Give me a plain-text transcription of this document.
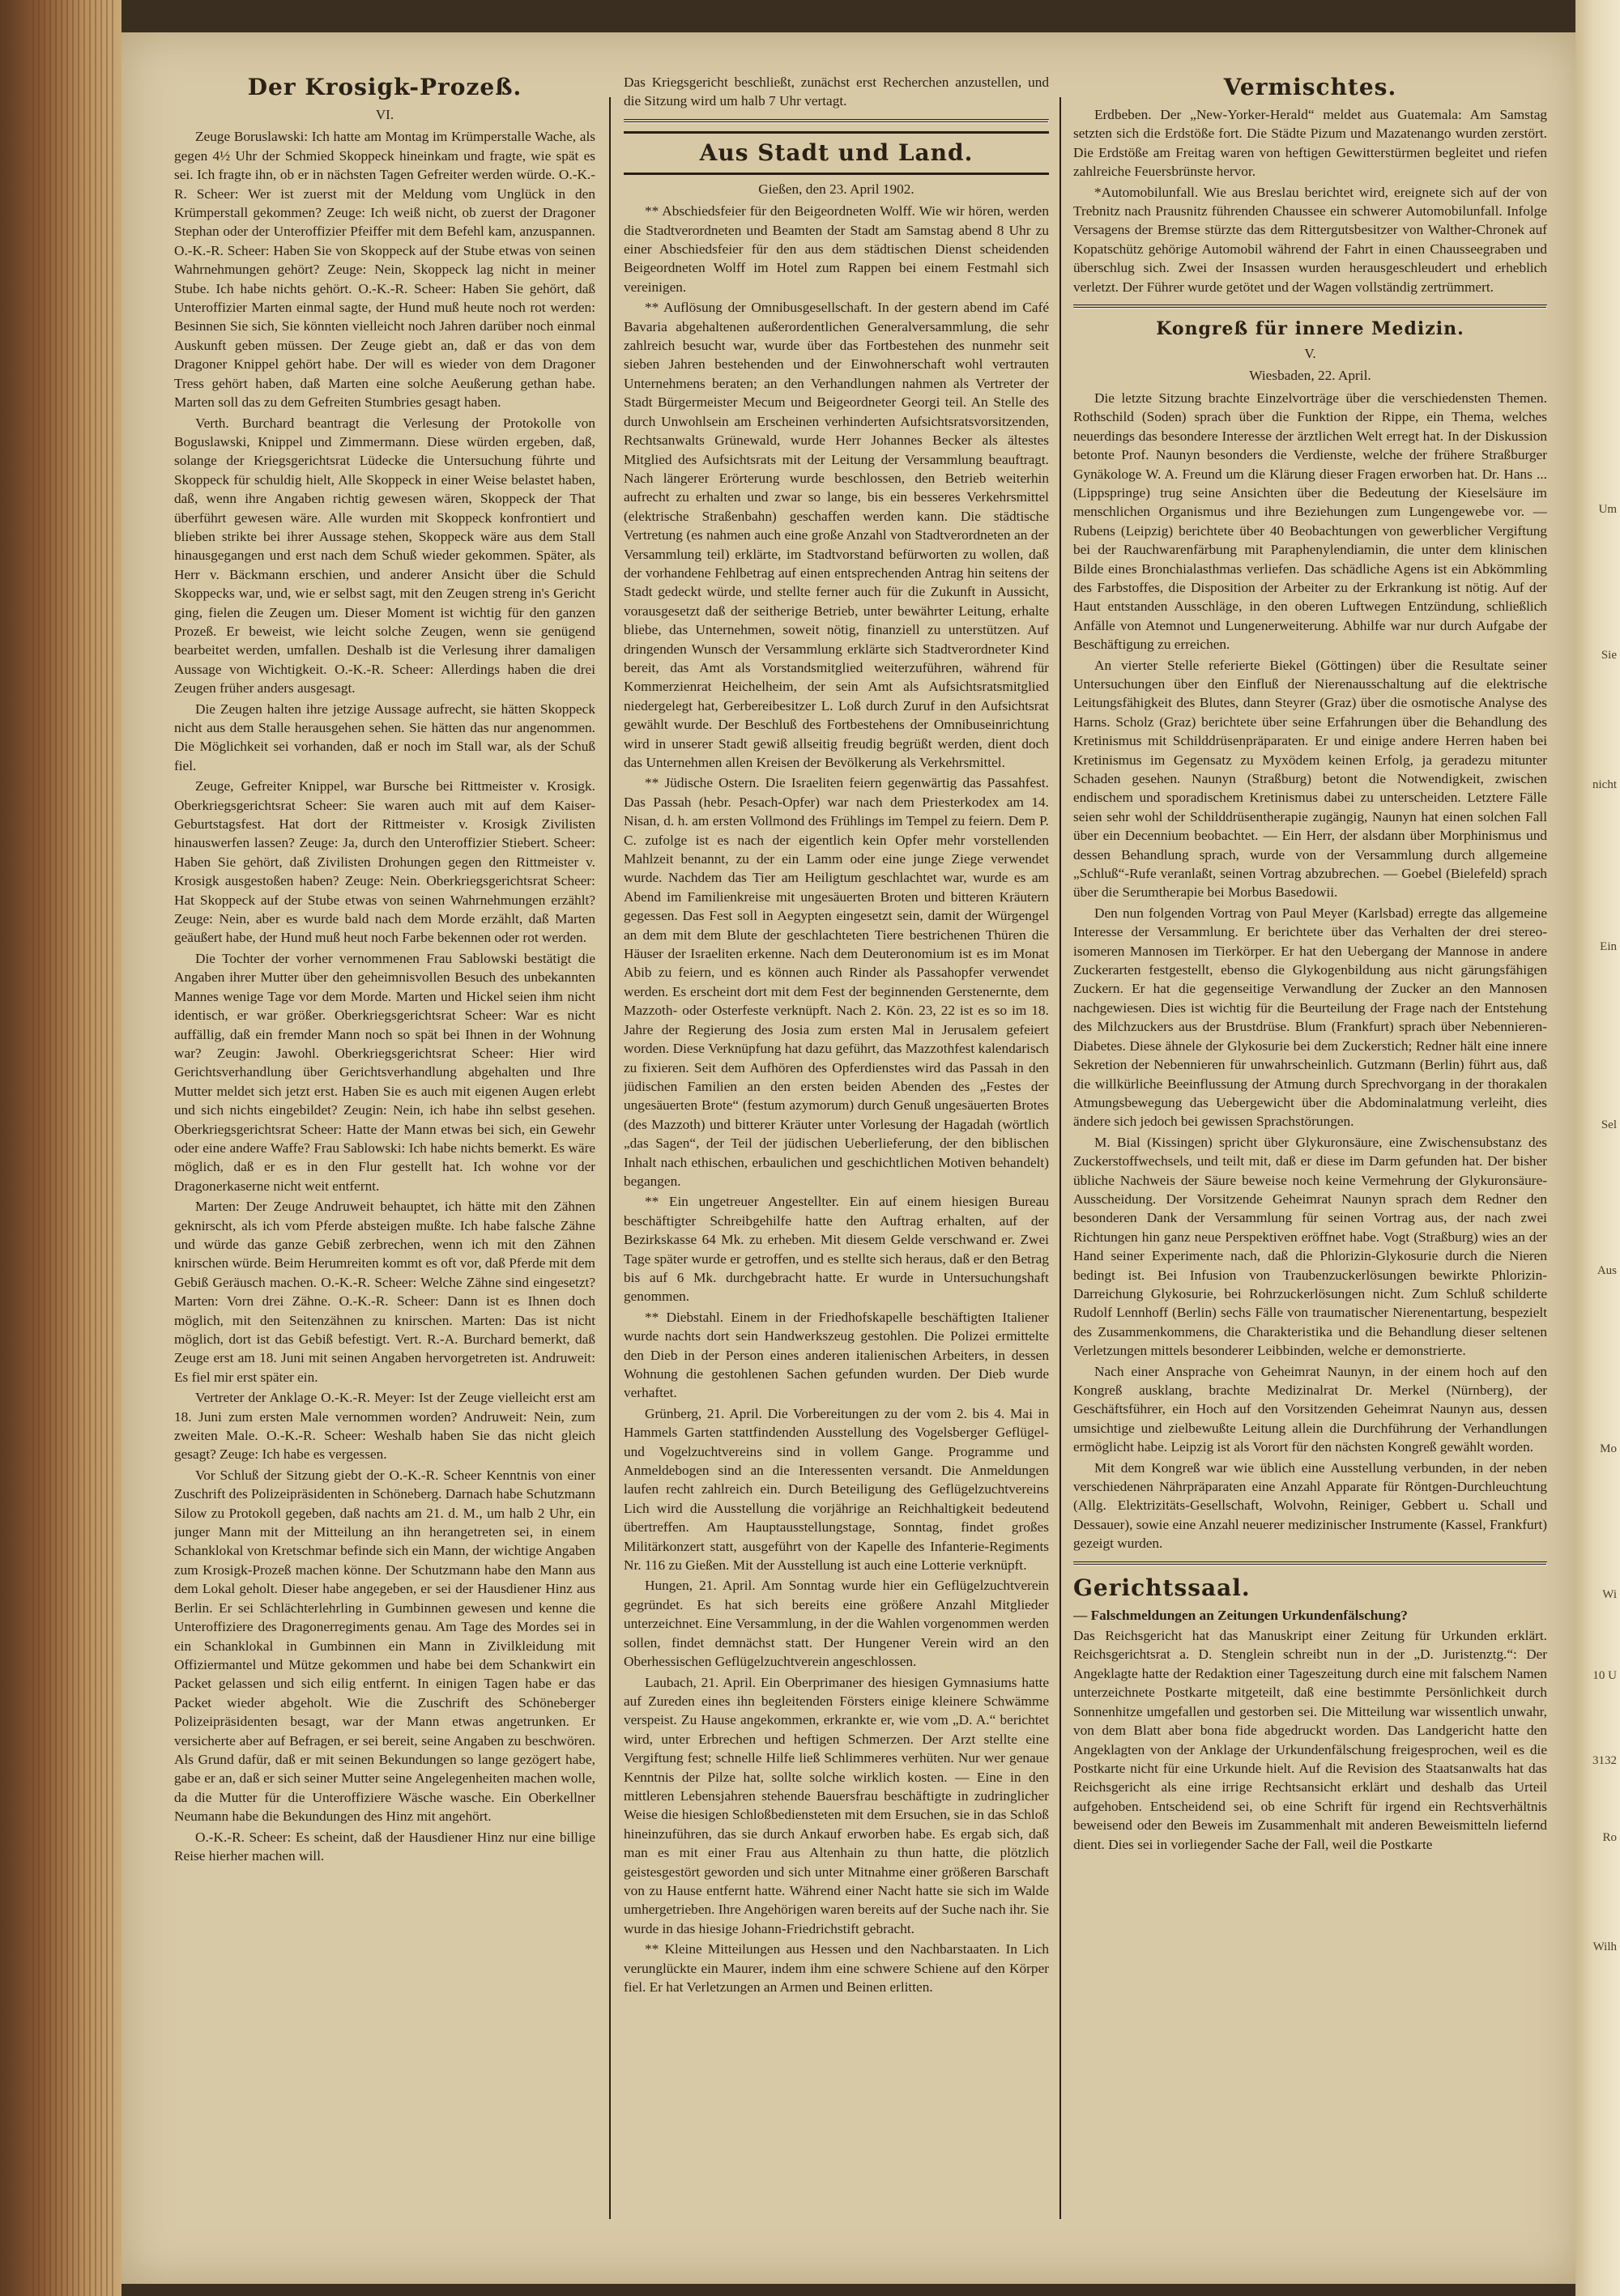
Um
Sie
nicht
Ein
Sel
Aus
Mo
Wi
10 U
3132
Ro
Wilh
Der Krosigk-Prozeß.
VI.

Zeuge Boruslawski: Ich hatte am Montag im Krümperstalle Wache, als gegen 4½ Uhr der Schmied Skoppeck hineinkam und fragte, wie spät es sei. Ich fragte ihn, ob er in nächsten Tagen Gefreiter werden würde. O.-K.-R. Scheer: Wer ist zuerst mit der Meldung vom Unglück in den Krümperstall gekommen? Zeuge: Ich weiß nicht, ob zuerst der Dragoner Stephan oder der Unteroffizier Pfeiffer mit dem Befehl kam, anzuspannen. O.-K.-R. Scheer: Haben Sie von Skoppeck auf der Stube etwas von seinen Wahrnehmungen gehört? Zeuge: Nein, Skoppeck lag nicht in meiner Stube. Ich habe nichts gehört. O.-K.-R. Scheer: Haben Sie gehört, daß Unteroffizier Marten einmal sagte, der Hund muß heute noch rot werden: Besinnen Sie sich, Sie könnten vielleicht noch Jahren darüber noch einmal Auskunft geben müssen. Der Zeuge giebt an, daß er das von dem Dragoner Knippel gehört habe. Der will es wieder von dem Dragoner Tress gehört haben, daß Marten eine solche Aeußerung gethan habe. Marten soll das zu dem Gefreiten Stumbries gesagt haben.

Verth. Burchard beantragt die Verlesung der Protokolle von Boguslawski, Knippel und Zimmermann. Diese würden ergeben, daß, solange der Kriegsgerichtsrat Lüdecke die Untersuchung führte und Skoppeck für schuldig hielt, Alle Skoppeck in einer Weise belastet haben, daß, wenn ihre Angaben richtig gewesen wären, Skoppeck der That überführt gewesen wäre. Alle wurden mit Skoppeck konfrontiert und blieben strikte bei ihrer Aussage stehen, Skoppeck wäre aus dem Stall hinausgegangen und erst nach dem Schuß wieder gekommen. Später, als Herr v. Bäckmann erschien, und anderer Ansicht über die Schuld Skoppecks war, und, wie er selbst sagt, mit den Zeugen streng in's Gericht ging, fielen die Zeugen um. Dieser Moment ist wichtig für den ganzen Prozeß. Er beweist, wie leicht solche Zeugen, wenn sie genügend bearbeitet werden, umfallen. Deshalb ist die Verlesung ihrer damaligen Aussage von Wichtigkeit. O.-K.-R. Scheer: Allerdings haben die drei Zeugen früher anders ausgesagt.

Die Zeugen halten ihre jetzige Aussage aufrecht, sie hätten Skoppeck nicht aus dem Stalle herausgehen sehen. Sie hätten das nur angenommen. Die Möglichkeit sei vorhanden, daß er noch im Stall war, als der Schuß fiel.

Zeuge, Gefreiter Knippel, war Bursche bei Rittmeister v. Krosigk. Oberkriegsgerichtsrat Scheer: Sie waren auch mit auf dem Kaiser-Geburtstagsfest. Hat dort der Rittmeister v. Krosigk Zivilisten hinauswerfen lassen? Zeuge: Ja, durch den Unteroffizier Stiebert. Scheer: Haben Sie gehört, daß Zivilisten Drohungen gegen den Rittmeister v. Krosigk ausgestoßen haben? Zeuge: Nein. Oberkriegsgerichtsrat Scheer: Hat Skoppeck auf der Stube etwas von seinen Wahrnehmungen erzählt? Zeuge: Nein, aber es wurde bald nach dem Morde erzählt, daß Marten geäußert habe, der Hund muß heut noch Farbe bekennen oder rot werden.

Die Tochter der vorher vernommenen Frau Sablowski bestätigt die Angaben ihrer Mutter über den geheimnisvollen Besuch des unbekannten Mannes wenige Tage vor dem Morde. Marten und Hickel seien ihm nicht identisch, er war größer. Oberkriegsgerichtsrat Scheer: War es nicht auffällig, daß ein fremder Mann noch so spät bei Ihnen in der Wohnung war? Zeugin: Jawohl. Oberkriegsgerichtsrat Scheer: Hier wird Gerichtsverhandlung über Gerichtsverhandlung abgehalten und Ihre Mutter meldet sich jetzt erst. Haben Sie es auch mit eigenen Augen erlebt und sich nichts eingebildet? Zeugin: Nein, ich habe ihn selbst gesehen. Oberkriegsgerichtsrat Scheer: Hatte der Mann etwas bei sich, ein Gewehr oder eine andere Waffe? Frau Sablowski: Ich habe nichts bemerkt. Es wäre möglich, daß er es in den Flur gestellt hat. Ich wohne vor der Dragonerkaserne nicht weit entfernt.

Marten: Der Zeuge Andruweit behauptet, ich hätte mit den Zähnen geknirscht, als ich vom Pferde absteigen mußte. Ich habe falsche Zähne und würde das ganze Gebiß zerbrechen, wenn ich mit den Zähnen knirschen würde. Beim Herumreiten kommt es oft vor, daß Pferde mit dem Gebiß Geräusch machen. O.-K.-R. Scheer: Welche Zähne sind eingesetzt? Marten: Vorn drei Zähne. O.-K.-R. Scheer: Dann ist es Ihnen doch möglich, mit den Seitenzähnen zu knirschen. Marten: Das ist nicht möglich, dort ist das Gebiß befestigt. Vert. R.-A. Burchard bemerkt, daß Zeuge erst am 18. Juni mit seinen Angaben hervorgetreten ist. Andruweit: Es fiel mir erst später ein.

Vertreter der Anklage O.-K.-R. Meyer: Ist der Zeuge vielleicht erst am 18. Juni zum ersten Male vernommen worden? Andruweit: Nein, zum zweiten Male. O.-K.-R. Scheer: Weshalb haben Sie das nicht gleich gesagt? Zeuge: Ich habe es vergessen.

Vor Schluß der Sitzung giebt der O.-K.-R. Scheer Kenntnis von einer Zuschrift des Polizeipräsidenten in Schöneberg. Darnach habe Schutzmann Silow zu Protokoll gegeben, daß nachts am 21. d. M., um halb 2 Uhr, ein junger Mann mit der Mitteilung an ihn herangetreten sei, in einem Schanklokal von Kretschmar befinde sich ein Mann, der wichtige Angaben zum Krosigk-Prozeß machen könne. Der Schutzmann habe den Mann aus dem Lokal geholt. Dieser habe angegeben, er sei der Hausdiener Hinz aus Berlin. Er sei Schlächterlehrling in Gumbinnen gewesen und kenne die Unteroffiziere des Dragonerregiments genau. Am Tage des Mordes sei in ein Schanklokal in Gumbinnen ein Mann in Zivilkleidung mit Offiziermantel und Mütze gekommen und habe bei dem Schankwirt ein Packet gelassen und sich eilig entfernt. In einigen Tagen habe er das Packet wieder abgeholt. Wie die Zuschrift des Schöneberger Polizeipräsidenten besagt, war der Mann etwas angetrunken. Er versicherte aber auf Befragen, er sei bereit, seine Angaben zu beschwören. Als Grund dafür, daß er mit seinen Bekundungen so lange gezögert habe, gabe er an, daß er sich seiner Mutter seine Angelegenheiten machen wolle, da die Mutter für die Unteroffiziere Wäsche wasche. Ein Oberkellner Neumann habe die Bekundungen des Hinz mit angehört.

O.-K.-R. Scheer: Es scheint, daß der Hausdiener Hinz nur eine billige Reise hierher machen will.

Das Kriegsgericht beschließt, zunächst erst Recherchen anzustellen, und die Sitzung wird um halb 7 Uhr vertagt.

Aus Stadt und Land.
Gießen, den 23. April 1902.

** Abschiedsfeier für den Beigeordneten Wolff. Wie wir hören, werden die Stadtverordneten und Beamten der Stadt am Samstag abend 8 Uhr zu einer Abschiedsfeier für den aus dem städtischen Dienst scheidenden Beigeordneten Wolff im Hotel zum Rappen bei einem Festmahl sich vereinigen.

** Auflösung der Omnibusgesellschaft. In der gestern abend im Café Bavaria abgehaltenen außerordentlichen Generalversammlung, die sehr zahlreich besucht war, wurde über das Fortbestehen des nunmehr seit sieben Jahren bestehenden und der Einwohnerschaft wohl vertrauten Unternehmens beraten; an den Verhandlungen nahmen als Vertreter der Stadt Bürgermeister Mecum und Beigeordneter Georgi teil. An Stelle des durch Unwohlsein am Erscheinen verhinderten Aufsichtsratsvorsitzenden, Rechtsanwalts Grünewald, wurde Herr Johannes Becker als ältestes Mitglied des Aufsichtsrats mit der Leitung der Versammlung beauftragt. Nach längerer Erörterung wurde beschlossen, den Betrieb weiterhin aufrecht zu erhalten und zwar so lange, bis ein besseres Verkehrsmittel (elektrische Straßenbahn) geschaffen werden kann. Die städtische Vertretung (es nahmen auch eine große Anzahl von Stadtverordneten an der Versammlung teil) erklärte, im Stadtvorstand befürworten zu wollen, daß der vorhandene Fehlbetrag auf einen entsprechenden Antrag hin seitens der Stadt gedeckt würde, und stellte ferner auch für die Zukunft in Aussicht, vorausgesetzt daß der seitherige Betrieb, unter bewährter Leitung, erhalte bliebe, das Unternehmen, soweit nötig, finanziell zu unterstützen. Auf dringenden Wunsch der Versammlung erklärte sich Stadtverordneter Kind bereit, das Amt als Vorstandsmitglied weiterzuführen, während für Kommerzienrat Heichelheim, der sein Amt als Aufsichtsratsmitglied niedergelegt hat, Gerbereibesitzer L. Loß durch Zuruf in den Aufsichtsrat gewählt wurde. Der Beschluß des Fortbestehens der Omnibuseinrichtung wird in unserer Stadt gewiß allseitig freudig begrüßt werden, dient doch das Unternehmen allen Kreisen der Bevölkerung als Verkehrsmittel.

** Jüdische Ostern. Die Israeliten feiern gegenwärtig das Passahfest. Das Passah (hebr. Pesach-Opfer) war nach dem Priesterkodex am 14. Nisan, d. h. am ersten Vollmond des Frühlings im Tempel zu feiern. Dem P. C. zufolge ist es nach der eigentlich kein Opfer mehr vorstellenden Mahlzeit benannt, zu der ein Lamm oder eine junge Ziege verwendet wurde. Nachdem das Tier am Heiligtum geschlachtet war, wurde es am Abend im Familienkreise mit ungesäuerten Broten und bitteren Kräutern gegessen. Das Fest soll in Aegypten eingesetzt sein, damit der Würgengel an dem mit dem Blute der geschlachteten Tiere bestrichenen Thüren die Häuser der Israeliten erkenne. Nach dem Deuteronomium ist es im Monat Abib zu feiern, und es können auch Rinder als Passahopfer verwendet werden. Es erscheint dort mit dem Fest der beginnenden Gerstenernte, dem Mazzoth- oder Osterfeste verknüpft. Nach 2. Kön. 23, 22 ist es so im 18. Jahre der Regierung des Josia zum ersten Mal in Jerusalem gefeiert worden. Diese Verknüpfung hat dazu geführt, das Mazzothfest kalendarisch zu fixieren. Seit dem Aufhören des Opferdienstes wird das Passah in den jüdischen Familien an den ersten beiden Abenden des „Festes der ungesäuerten Brote“ (festum azymorum) durch Genuß ungesäuerten Brotes (des Mazzoth) und bitterer Kräuter unter Vorlesung der Hagadah (wörtlich „das Sagen“, der Teil der jüdischen Ueberlieferung, der den biblischen Inhalt nach ethischen, erbaulichen und geschichtlichen Motiven behandelt) begangen.

** Ein ungetreuer Angestellter. Ein auf einem hiesigen Bureau beschäftigter Schreibgehilfe hatte den Auftrag erhalten, auf der Bezirkskasse 64 Mk. zu erheben. Mit diesem Gelde verschwand er. Zwei Tage später wurde er getroffen, und es stellte sich heraus, daß er den Betrag bis auf 6 Mk. durchgebracht hatte. Er wurde in Untersuchungshaft genommen.

** Diebstahl. Einem in der Friedhofskapelle beschäftigten Italiener wurde nachts dort sein Handwerkszeug gestohlen. Die Polizei ermittelte den Dieb in der Person eines anderen italienischen Arbeiters, in dessen Wohnung die gestohlenen Sachen gefunden wurden. Der Dieb wurde verhaftet.

Grünberg, 21. April. Die Vorbereitungen zu der vom 2. bis 4. Mai in Hammels Garten stattfindenden Ausstellung des Vogelsberger Geflügel- und Vogelzuchtvereins sind in vollem Gange. Programme und Anmeldebogen sind an die Interessenten versandt. Die Anmeldungen laufen recht zahlreich ein. Durch Beteiligung des Geflügelzuchtvereins Lich wird die Ausstellung die vorjährige an Reichhaltigkeit bedeutend übertreffen. Am Hauptausstellungstage, Sonntag, findet großes Militärkonzert statt, ausgeführt von der Kapelle des Infanterie-Regiments Nr. 116 zu Gießen. Mit der Ausstellung ist auch eine Lotterie verknüpft.

Hungen, 21. April. Am Sonntag wurde hier ein Geflügelzuchtverein gegründet. Es hat sich bereits eine größere Anzahl Mitglieder unterzeichnet. Eine Versammlung, in der die Wahlen vorgenommen werden sollen, findet demnächst statt. Der Hungener Verein wird an den Oberhessischen Geflügelzuchtverein angeschlossen.

Laubach, 21. April. Ein Oberprimaner des hiesigen Gymnasiums hatte auf Zureden eines ihn begleitenden Försters einige kleinere Schwämme verspeist. Zu Hause angekommen, erkrankte er, wie vom „D. A.“ berichtet wird, unter Erbrechen und heftigen Schmerzen. Der Arzt stellte eine Vergiftung fest; schnelle Hilfe ließ Schlimmeres verhüten. Nur wer genaue Kenntnis der Pilze hat, sollte solche wirklich kosten. — Eine in den mittleren Lebensjahren stehende Bauersfrau beschäftigte in zudringlicher Weise die hiesigen Schloßbediensteten mit dem Ersuchen, sie in das Schloß hineinzuführen, das sie durch Ankauf erworben habe. Es ergab sich, daß man es mit einer Frau aus Altenhain zu thun hatte, die plötzlich geistesgestört geworden und sich unter Mitnahme einer größeren Barschaft von zu Hause entfernt hatte. Während einer Nacht hatte sie sich im Walde umhergetrieben. Ihre Angehörigen waren bereits auf der Suche nach ihr. Sie wurde in das hiesige Johann-Friedrichstift gebracht.

** Kleine Mitteilungen aus Hessen und den Nachbarstaaten. In Lich verunglückte ein Maurer, indem ihm eine schwere Schiene auf den Körper fiel. Er hat Verletzungen an Armen und Beinen erlitten.

Vermischtes.

Erdbeben. Der „New-Yorker-Herald“ meldet aus Guatemala: Am Samstag setzten sich die Erdstöße fort. Die Städte Pizum und Mazatenango wurden zerstört. Die Erdstöße am Freitag waren von heftigen Gewitterstürmen begleitet und riefen zahlreiche Feuersbrünste hervor.

*Automobilunfall. Wie aus Breslau berichtet wird, ereignete sich auf der von Trebnitz nach Prausnitz führenden Chaussee ein schwerer Automobilunfall. Infolge Versagens der Bremse stürzte das dem Rittergutsbesitzer von Walther-Chronek auf Kopatschütz gehörige Automobil während der Fahrt in einen Chausseegraben und überschlug sich. Zwei der Insassen wurden herausgeschleudert und erheblich verletzt. Der Führer wurde getötet und der Wagen vollständig zertrümmert.

Kongreß für innere Medizin.
V.
Wiesbaden, 22. April.

Die letzte Sitzung brachte Einzelvorträge über die verschiedensten Themen. Rothschild (Soden) sprach über die Funktion der Rippe, ein Thema, welches neuerdings das besondere Interesse der ärztlichen Welt erregt hat. In der Diskussion betonte Prof. Naunyn besonders die Verdienste, welche der frühere Straßburger Gynäkologe W. A. Freund um die Klärung dieser Fragen erworben hat. Dr. Hans ... (Lippspringe) trug seine Ansichten über die Bedeutung der Kieselsäure im menschlichen Organismus und ihre Beziehungen zum Lungengewebe vor. — Rubens (Leipzig) berichtete über 40 Beobachtungen von gewerblicher Vergiftung bei der Rauchwarenfärbung mit Paraphenylendiamin, die unter dem klinischen Bilde eines Bronchialasthmas verliefen. Das schädliche Agens ist ein Abkömmling des Farbstoffes, die Disposition der Arbeiter zu der Erkrankung ist nötig. Auf der Haut entstanden Ausschläge, in den oberen Luftwegen Entzündung, schließlich Anfälle von Atemnot und Lungenerweiterung. Abhilfe war nur durch Aufgabe der Beschäftigung zu erreichen.

An vierter Stelle referierte Biekel (Göttingen) über die Resultate seiner Untersuchungen über den Einfluß der Nierenausschaltung auf die elektrische Leitungsfähigkeit des Blutes, dann Steyrer (Graz) über die osmotische Analyse des Harns. Scholz (Graz) berichtete über seine Erfahrungen über die Behandlung des Kretinismus mit Schilddrüsenpräparaten. Er und einige andere Herren haben bei Kretinismus im Gegensatz zu Myxödem keinen Erfolg, ja geradezu mitunter Schaden gesehen. Naunyn (Straßburg) betont die Notwendigkeit, zwischen endischem und sporadischem Kretinismus dabei zu unterscheiden. Letztere Fälle seien sehr wohl der Schilddrüsentherapie zugängig, Naunyn hat einen solchen Fall über ein Decennium beobachtet. — Ein Herr, der alsdann über Morphinismus und dessen Behandlung sprach, wurde von der Versammlung durch allgemeine „Schluß“-Rufe veranlaßt, seinen Vortrag abzubrechen. — Goebel (Bielefeld) sprach über die Serumtherapie bei Morbus Basedowii.

Den nun folgenden Vortrag von Paul Meyer (Karlsbad) erregte das allgemeine Interesse der Versammlung. Er berichtete über das Verhalten der drei stereo-isomeren Mannosen im Tierkörper. Er hat den Uebergang der Mannose in andere Zuckerarten festgestellt, ebenso die Glykogenbildung aus nicht gärungsfähigen Zuckern. Er hat die gegenseitige Verwandlung der Zucker an den Mannosen nachgewiesen. Dies ist wichtig für die Beurteilung der Frage nach der Entstehung des Milchzuckers aus der Brustdrüse. Blum (Frankfurt) sprach über Nebennieren-Diabetes. Diese ähnele der Glykosurie bei dem Zuckerstich; Redner hält eine innere Sekretion der Nebennieren für unwahrscheinlich. Gutzmann (Berlin) führt aus, daß die willkürliche Beeinflussung der Atmung durch Sprechvorgang in der thorakalen Atmungsbewegung das Uebergewicht über die Abdominalatmung verleiht, dies ändere sich jedoch bei gewissen Sprachstörungen.

M. Bial (Kissingen) spricht über Glykuronsäure, eine Zwischensubstanz des Zuckerstoffwechsels, und teilt mit, daß er diese im Darm gefunden hat. Der bisher übliche Nachweis der Säure beweise noch keine Vermehrung der Glykuronsäure-Ausscheidung. Der Vorsitzende Geheimrat Naunyn sprach dem Redner den besonderen Dank der Versammlung für seinen Vortrag aus, der nach zwei Richtungen hin ganz neue Perspektiven eröffnet habe. Vogt (Straßburg) wies an der Hand seiner Experimente nach, daß die Phlorizin-Glykosurie durch die Nieren bedingt ist. Bei Infusion von Traubenzuckerlösungen bewirkte Phlorizin-Darreichung Glykosurie, bei Rohrzuckerlösungen nicht. Zum Schluß schilderte Rudolf Lennhoff (Berlin) sechs Fälle von traumatischer Nierenentartung, bespezielt des Zusammenkommens, die Charakteristika und die Behandlung dieser seltenen Verletzungen mittels besonderer Leibbinden, welche er demonstrierte.

Nach einer Ansprache von Geheimrat Naunyn, in der einem hoch auf den Kongreß ausklang, brachte Medizinalrat Dr. Merkel (Nürnberg), der Geschäftsführer, ein Hoch auf den Vorsitzenden Geheimrat Naunyn aus, dessen umsichtige und zielbewußte Leitung allein die Durchführung der Verhandlungen ermöglicht habe. Leipzig ist als Vorort für den nächsten Kongreß gewählt worden.

Mit dem Kongreß war wie üblich eine Ausstellung verbunden, in der neben verschiedenen Nährpräparaten eine Anzahl Apparate für Röntgen-Durchleuchtung (Allg. Elektrizitäts-Gesellschaft, Wolvohn, Reiniger, Gebbert u. Schall und Dessauer), sowie eine Anzahl neuerer medizinischer Instrumente (Kassel, Frankfurt) gezeigt wurden.

Gerichtssaal.

— Falschmeldungen an Zeitungen Urkundenfälschung?

Das Reichsgericht hat das Manuskript einer Zeitung für Urkunden erklärt. Reichsgerichtsrat a. D. Stenglein schreibt nun in der „D. Juristenztg.“: Der Angeklagte hatte der Redaktion einer Tageszeitung durch eine mit falschem Namen unterzeichnete Postkarte mitgeteilt, daß eine bestimmte Persönlichkeit durch Sonnenhitze umgefallen und gestorben sei. Die Mitteilung war wissentlich unwahr, von dem Blatt aber bona fide abgedruckt worden. Das Landgericht hatte den Angeklagten von der Anklage der Urkundenfälschung freigesprochen, weil es die Postkarte nicht für eine Urkunde hielt. Auf die Revision des Staatsanwalts hat das Reichsgericht als eine irrige Rechtsansicht erklärt und deshalb das Urteil aufgehoben. Entscheidend sei, ob eine Schrift für irgend ein Rechtsverhältnis beweisend oder den Beweis im Zusammenhalt mit anderen Beweismitteln liefernd dient. Dies sei in vorliegender Sache der Fall, weil die Postkarte
